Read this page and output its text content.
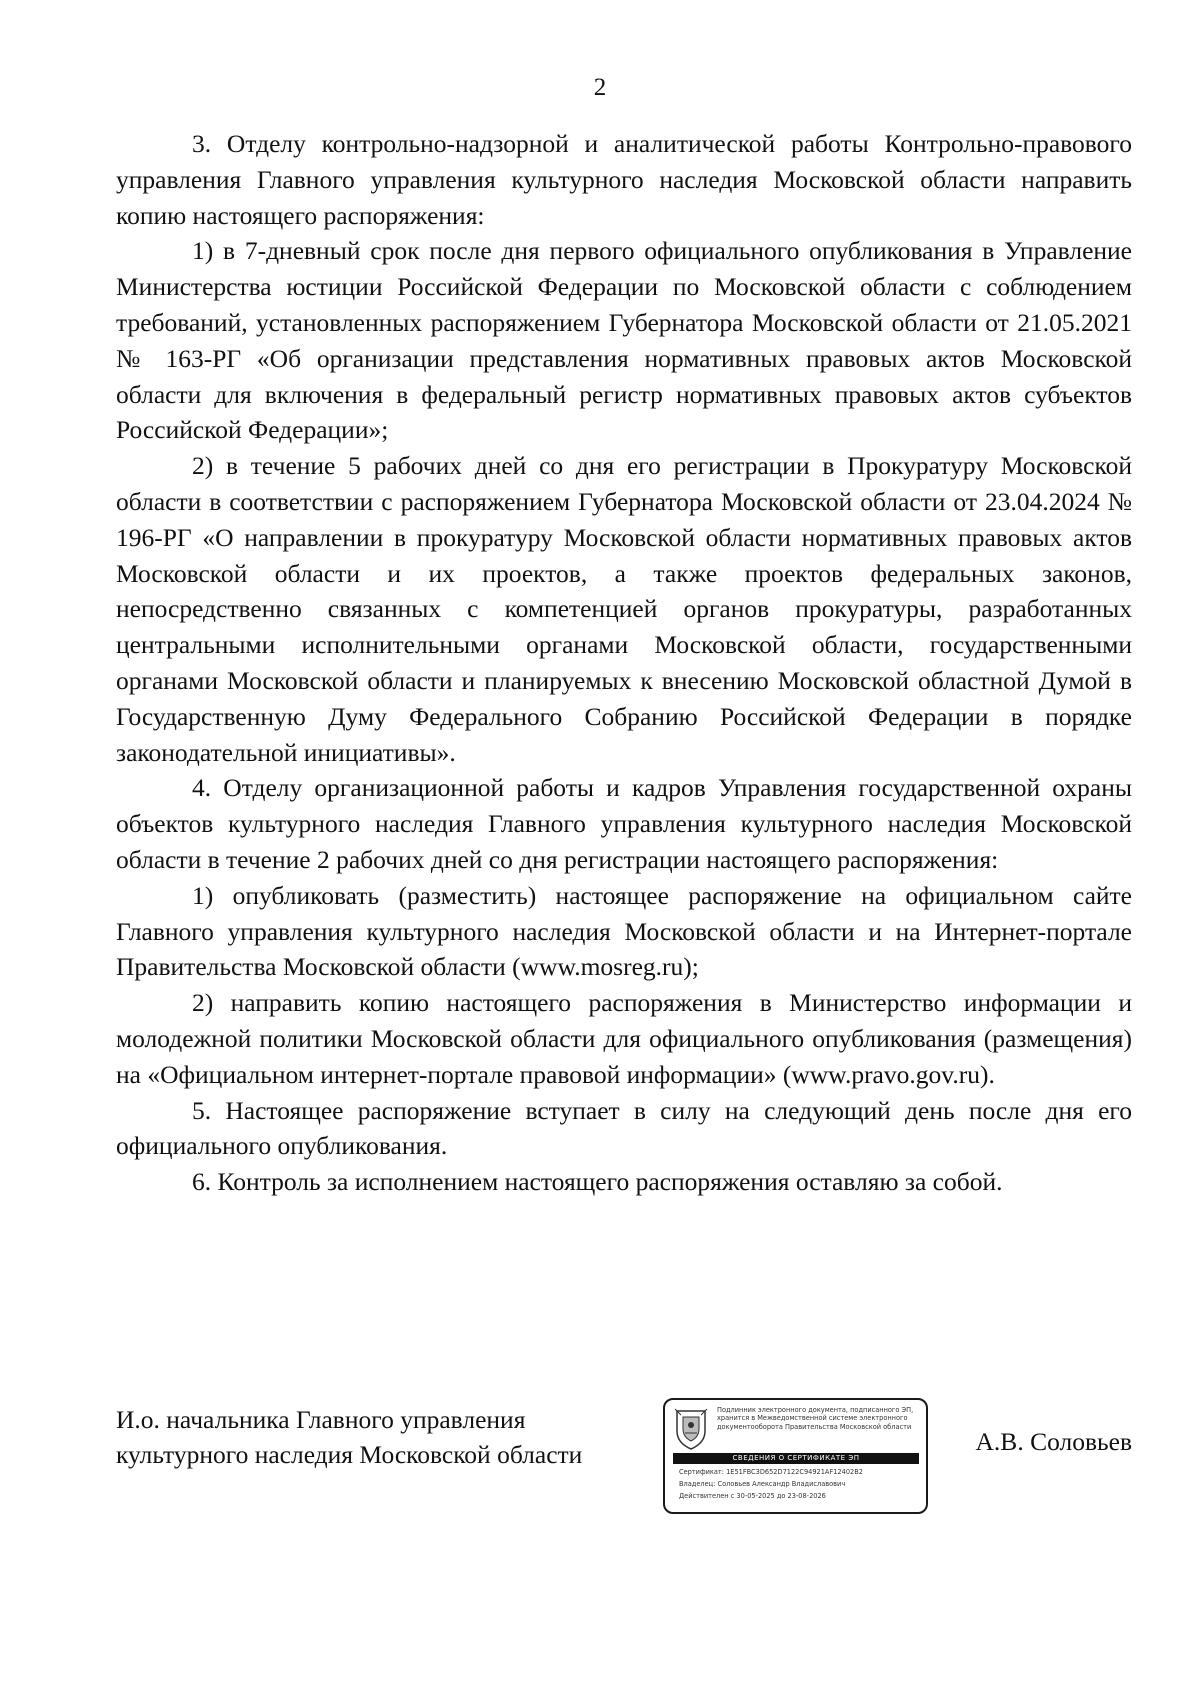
2

3. Отделу контрольно-надзорной и аналитической работы Контрольно-правового управления Главного управления культурного наследия Московской области направить копию настоящего распоряжения:

1) в 7-дневный срок после дня первого официального опубликования в Управление Министерства юстиции Российской Федерации по Московской области с соблюдением требований, установленных распоряжением Губернатора Московской области от 21.05.2021 № 163-РГ «Об организации представления нормативных правовых актов Московской области для включения в федеральный регистр нормативных правовых актов субъектов Российской Федерации»;

2) в течение 5 рабочих дней со дня его регистрации в Прокуратуру Московской области в соответствии с распоряжением Губернатора Московской области от 23.04.2024 № 196-РГ «О направлении в прокуратуру Московской области нормативных правовых актов Московской области и их проектов, а также проектов федеральных законов, непосредственно связанных с компетенцией органов прокуратуры, разработанных центральными исполнительными органами Московской области, государственными органами Московской области и планируемых к внесению Московской областной Думой в Государственную Думу Федерального Собранию Российской Федерации в порядке законодательной инициативы».

4. Отделу организационной работы и кадров Управления государственной охраны объектов культурного наследия Главного управления культурного наследия Московской области в течение 2 рабочих дней со дня регистрации настоящего распоряжения:

1) опубликовать (разместить) настоящее распоряжение на официальном сайте Главного управления культурного наследия Московской области и на Интернет-портале Правительства Московской области (www.mosreg.ru);

2) направить копию настоящего распоряжения в Министерство информации и молодежной политики Московской области для официального опубликования (размещения) на «Официальном интернет-портале правовой информации» (www.pravo.gov.ru).

5. Настоящее распоряжение вступает в силу на следующий день после дня его официального опубликования.

6. Контроль за исполнением настоящего распоряжения оставляю за собой.

И.о. начальника Главного управления
культурного наследия Московской области
Подлинник электронного документа, подписанного ЭП, хранится в Межведомственной системе электронного документооборота Правительства Московской области
СВЕДЕНИЯ О СЕРТИФИКАТЕ ЭП
Сертификат: 1E51FBC3D652D7122C94921AF12402B2
Владелец: Соловьев Александр Владиславович
Действителен с 30-05-2025 до 23-08-2026
А.В. Соловьев
